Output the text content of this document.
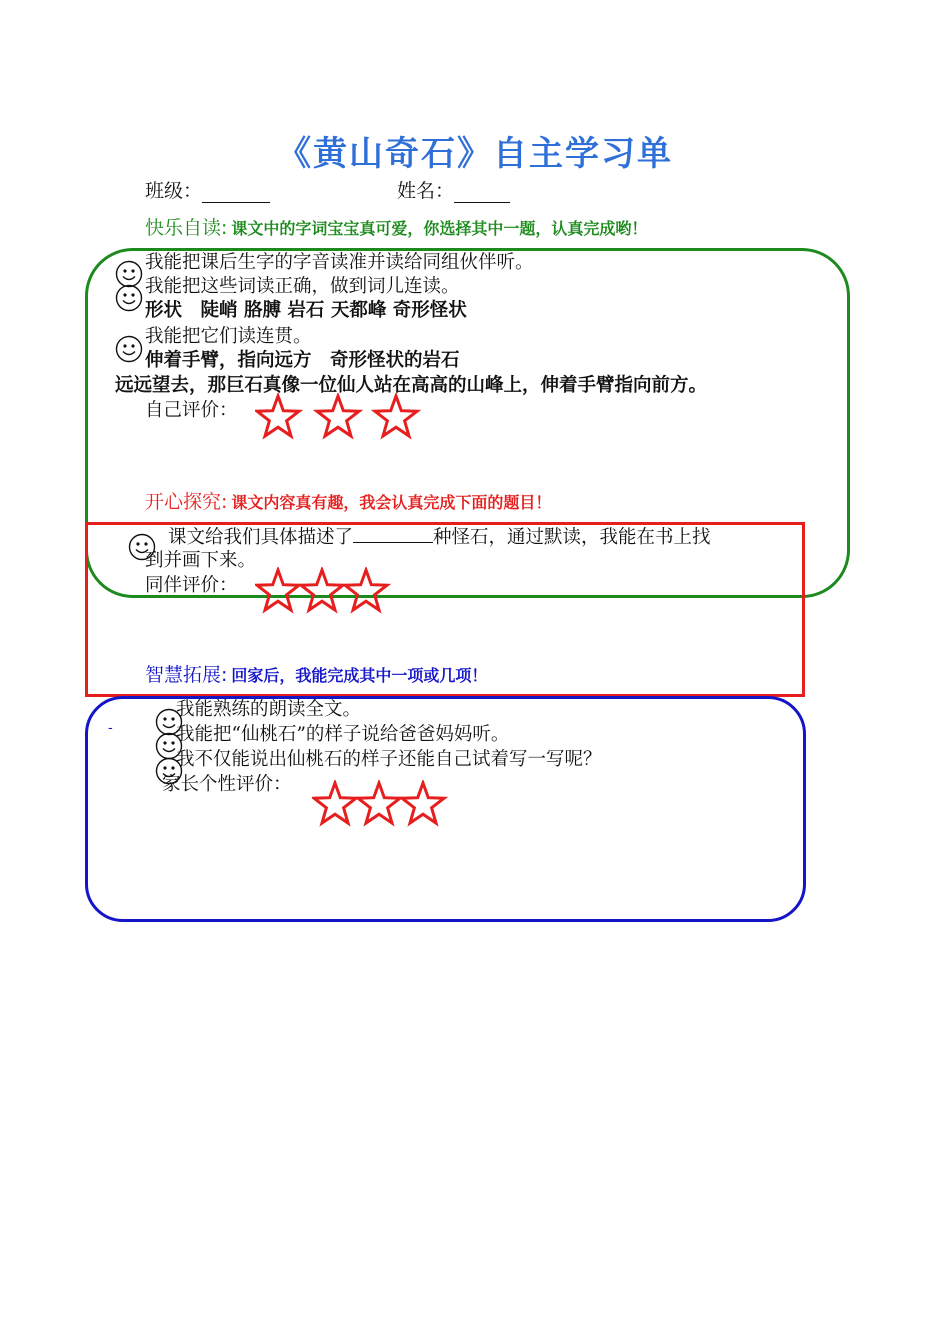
《黄山奇石》自主学习单
班级：	姓名：
快乐自读: 课文中的字词宝宝真可爱，你选择其中一题，认真完成哟！
我能把课后生字的字音读准并读给同组伙伴听。
我能把这些词读正确，做到词儿连读。
形状　陡峭 胳膊 岩石 天都峰 奇形怪状
我能把它们读连贯。
伸着手臂，指向远方　奇形怪状的岩石
远远望去，那巨石真像一位仙人站在高高的山峰上，伸着手臂指向前方。
自己评价：
开心探究: 课文内容真有趣，我会认真完成下面的题目！
课文给我们具体描述了	种怪石，通过默读，我能在书上找
到并画下来。
同伴评价：
智慧拓展: 回家后，我能完成其中一项或几项！
-
我能熟练的朗读全文。
我能把“仙桃石”的样子说给爸爸妈妈听。
我不仅能说出仙桃石的样子还能自己试着写一写呢？
家长个性评价：
